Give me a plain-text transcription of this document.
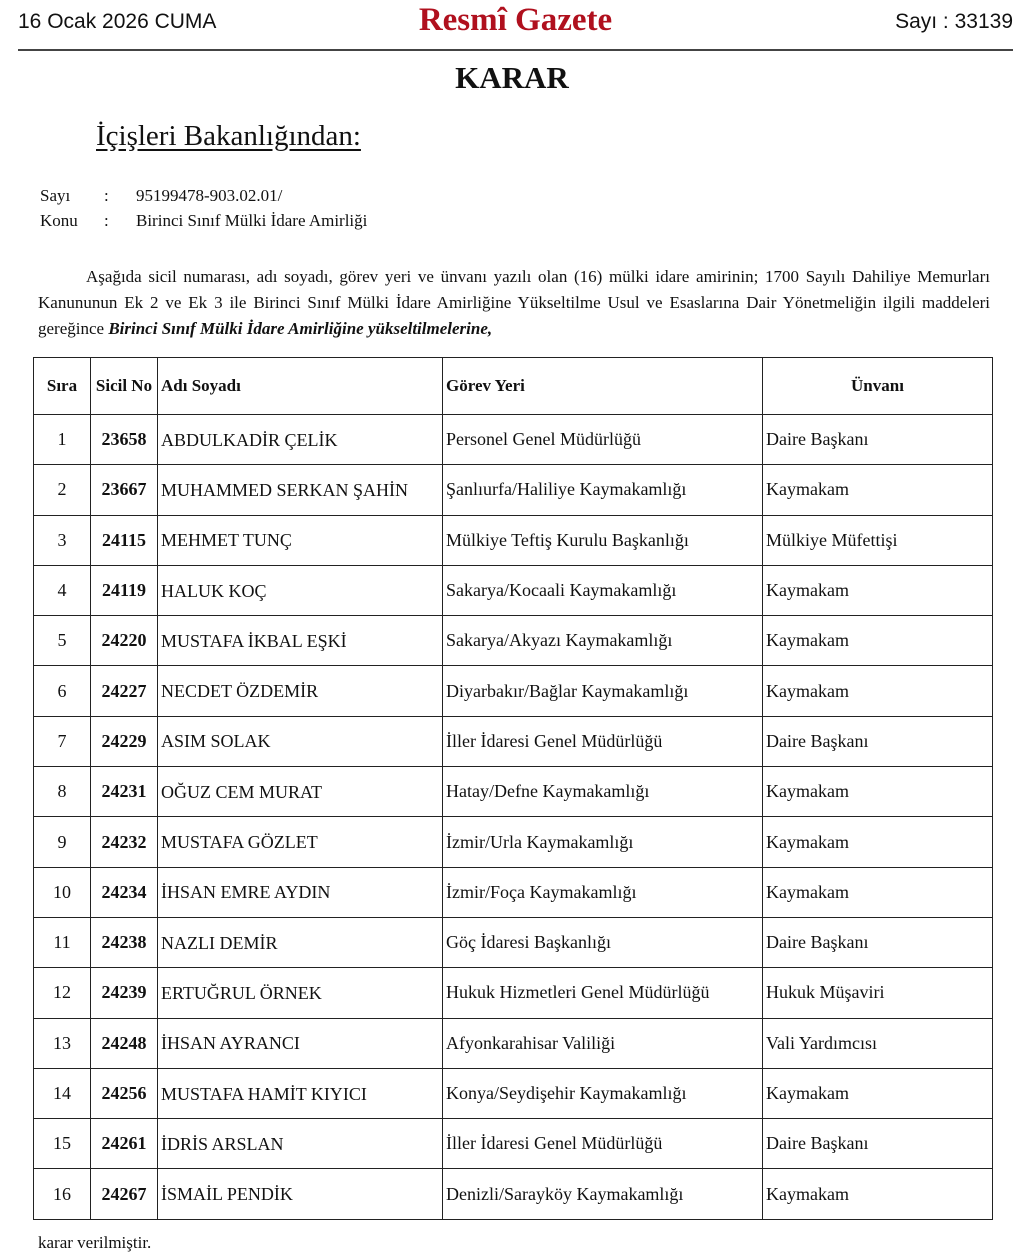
16 Ocak 2026 CUMA	Resmî Gazete	Sayı : 33139
KARAR
İçişleri Bakanlığından:
Sayı	:	95199478-903.02.01/
Konu	:	Birinci Sınıf Mülki İdare Amirliği
Aşağıda sicil numarası, adı soyadı, görev yeri ve ünvanı yazılı olan (16) mülki idare amirinin; 1700 Sayılı Dahiliye Memurları Kanununun Ek 2 ve Ek 3 ile Birinci Sınıf Mülki İdare Amirliğine Yükseltilme Usul ve Esaslarına Dair Yönetmeliğin ilgili maddeleri gereğince Birinci Sınıf Mülki İdare Amirliğine yükseltilmelerine,
Sıra	Sicil No	Adı Soyadı	Görev Yeri	Ünvanı
1	23658	ABDULKADİR ÇELİK	Personel Genel Müdürlüğü	Daire Başkanı
2	23667	MUHAMMED SERKAN ŞAHİN	Şanlıurfa/Haliliye Kaymakamlığı	Kaymakam
3	24115	MEHMET TUNÇ	Mülkiye Teftiş Kurulu Başkanlığı	Mülkiye Müfettişi
4	24119	HALUK KOÇ	Sakarya/Kocaali Kaymakamlığı	Kaymakam
5	24220	MUSTAFA İKBAL EŞKİ	Sakarya/Akyazı Kaymakamlığı	Kaymakam
6	24227	NECDET ÖZDEMİR	Diyarbakır/Bağlar Kaymakamlığı	Kaymakam
7	24229	ASIM SOLAK	İller İdaresi Genel Müdürlüğü	Daire Başkanı
8	24231	OĞUZ CEM MURAT	Hatay/Defne Kaymakamlığı	Kaymakam
9	24232	MUSTAFA GÖZLET	İzmir/Urla Kaymakamlığı	Kaymakam
10	24234	İHSAN EMRE AYDIN	İzmir/Foça Kaymakamlığı	Kaymakam
11	24238	NAZLI DEMİR	Göç İdaresi Başkanlığı	Daire Başkanı
12	24239	ERTUĞRUL ÖRNEK	Hukuk Hizmetleri Genel Müdürlüğü	Hukuk Müşaviri
13	24248	İHSAN AYRANCI	Afyonkarahisar Valiliği	Vali Yardımcısı
14	24256	MUSTAFA HAMİT KIYICI	Konya/Seydişehir Kaymakamlığı	Kaymakam
15	24261	İDRİS ARSLAN	İller İdaresi Genel Müdürlüğü	Daire Başkanı
16	24267	İSMAİL PENDİK	Denizli/Sarayköy Kaymakamlığı	Kaymakam
karar verilmiştir.
